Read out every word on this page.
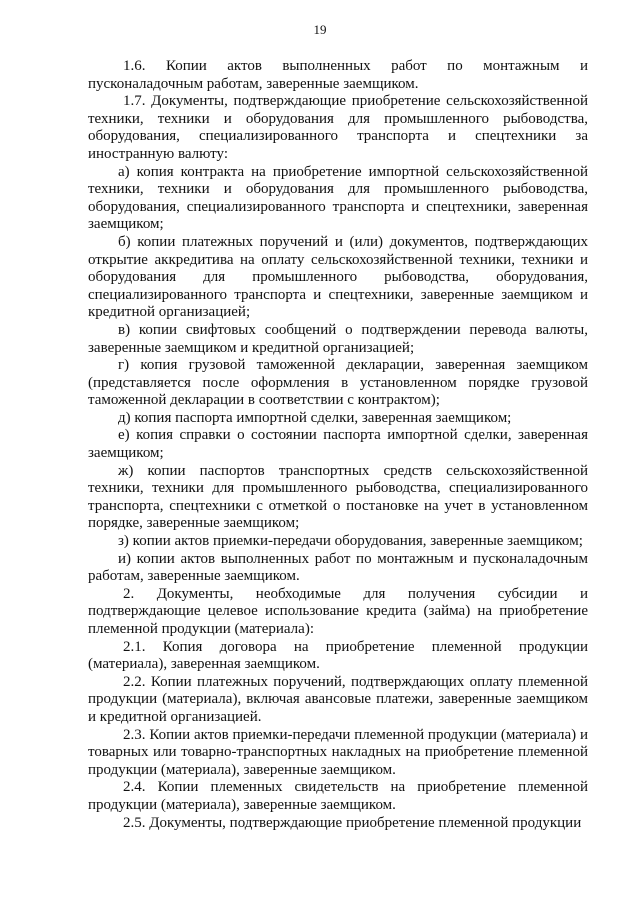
19

1.6. Копии актов выполненных работ по монтажным и пусконаладочным работам, заверенные заемщиком.

1.7. Документы, подтверждающие приобретение сельскохозяйственной техники, техники и оборудования для промышленного рыбоводства, оборудования, специализированного транспорта и спецтехники за иностранную валюту:

а) копия контракта на приобретение импортной сельскохозяйственной техники, техники и оборудования для промышленного рыбоводства, оборудования, специализированного транспорта и спецтехники, заверенная заемщиком;

б) копии платежных поручений и (или) документов, подтверждающих открытие аккредитива на оплату сельскохозяйственной техники, техники и оборудования для промышленного рыбоводства, оборудования, специализированного транспорта и спецтехники, заверенные заемщиком и кредитной организацией;

в) копии свифтовых сообщений о подтверждении перевода валюты, заверенные заемщиком и кредитной организацией;

г) копия грузовой таможенной декларации, заверенная заемщиком (представляется после оформления в установленном порядке грузовой таможенной декларации в соответствии с контрактом);

д) копия паспорта импортной сделки, заверенная заемщиком;

е) копия справки о состоянии паспорта импортной сделки, заверенная заемщиком;

ж) копии паспортов транспортных средств сельскохозяйственной техники, техники для промышленного рыбоводства, специализированного транспорта, спецтехники с отметкой о постановке на учет в установленном порядке, заверенные заемщиком;

з) копии актов приемки-передачи оборудования, заверенные заемщиком;

и) копии актов выполненных работ по монтажным и пусконаладочным работам, заверенные заемщиком.

2. Документы, необходимые для получения субсидии и подтверждающие целевое использование кредита (займа) на приобретение племенной продукции (материала):

2.1. Копия договора на приобретение племенной продукции (материала), заверенная заемщиком.

2.2. Копии платежных поручений, подтверждающих оплату племенной продукции (материала), включая авансовые платежи, заверенные заемщиком и кредитной организацией.

2.3. Копии актов приемки-передачи племенной продукции (материала) и товарных или товарно-транспортных накладных на приобретение племенной продукции (материала), заверенные заемщиком.

2.4. Копии племенных свидетельств на приобретение племенной продукции (материала), заверенные заемщиком.

2.5. Документы, подтверждающие приобретение племенной продукции
